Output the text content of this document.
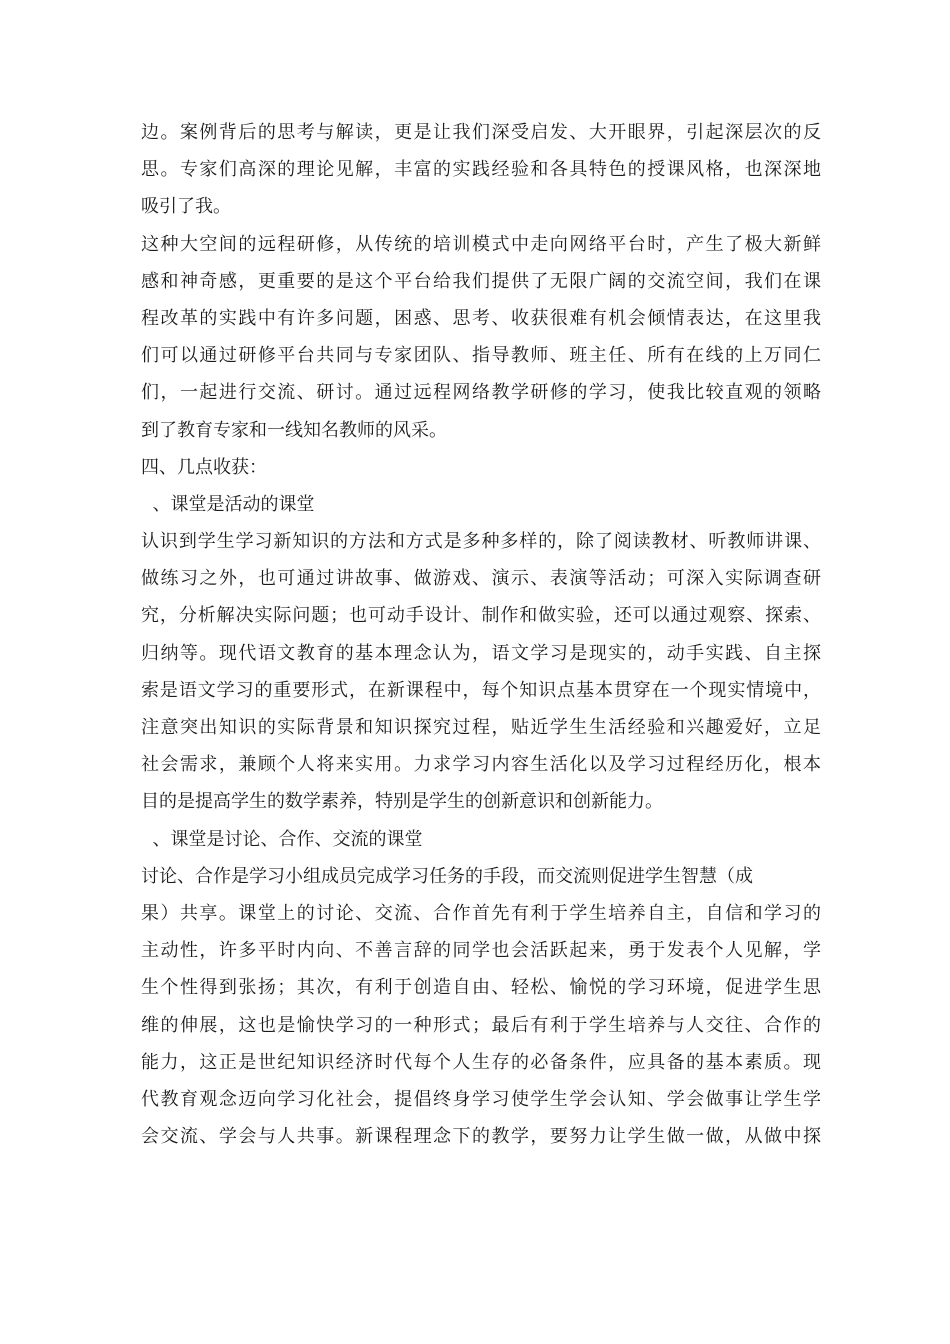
边。案例背后的思考与解读，更是让我们深受启发、大开眼界，引起深层次的反
思。专家们高深的理论见解，丰富的实践经验和各具特色的授课风格，也深深地
吸引了我。
这种大空间的远程研修，从传统的培训模式中走向网络平台时，产生了极大新鲜
感和神奇感，更重要的是这个平台给我们提供了无限广阔的交流空间，我们在课
程改革的实践中有许多问题，困惑、思考、收获很难有机会倾情表达，在这里我
们可以通过研修平台共同与专家团队、指导教师、班主任、所有在线的上万同仁
们，一起进行交流、研讨。通过远程网络教学研修的学习，使我比较直观的领略
到了教育专家和一线知名教师的风采。
四、几点收获：
、课堂是活动的课堂
认识到学生学习新知识的方法和方式是多种多样的，除了阅读教材、听教师讲课、
做练习之外，也可通过讲故事、做游戏、演示、表演等活动；可深入实际调查研
究，分析解决实际问题；也可动手设计、制作和做实验，还可以通过观察、探索、
归纳等。现代语文教育的基本理念认为，语文学习是现实的，动手实践、自主探
索是语文学习的重要形式，在新课程中，每个知识点基本贯穿在一个现实情境中，
注意突出知识的实际背景和知识探究过程，贴近学生生活经验和兴趣爱好，立足
社会需求，兼顾个人将来实用。力求学习内容生活化以及学习过程经历化，根本
目的是提高学生的数学素养，特别是学生的创新意识和创新能力。
、课堂是讨论、合作、交流的课堂
讨论、合作是学习小组成员完成学习任务的手段，而交流则促进学生智慧（成
果）共享。课堂上的讨论、交流、合作首先有利于学生培养自主，自信和学习的
主动性，许多平时内向、不善言辞的同学也会活跃起来，勇于发表个人见解，学
生个性得到张扬；其次，有利于创造自由、轻松、愉悦的学习环境，促进学生思
维的伸展，这也是愉快学习的一种形式；最后有利于学生培养与人交往、合作的
能力，这正是世纪知识经济时代每个人生存的必备条件，应具备的基本素质。现
代教育观念迈向学习化社会，提倡终身学习使学生学会认知、学会做事让学生学
会交流、学会与人共事。新课程理念下的教学，要努力让学生做一做，从做中探
